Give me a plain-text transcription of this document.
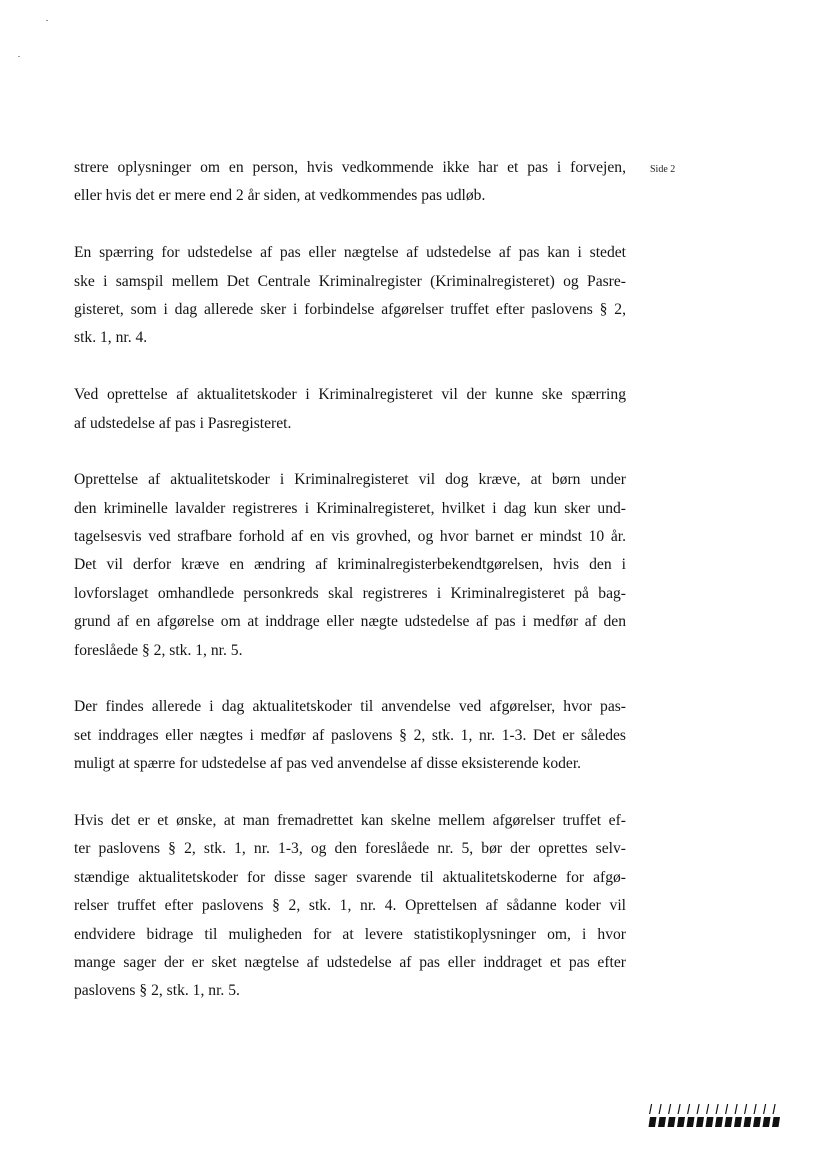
Side 2
strere oplysninger om en person, hvis vedkommende ikke har et pas i forvejen,
eller hvis det er mere end 2 år siden, at vedkommendes pas udløb.
En spærring for udstedelse af pas eller nægtelse af udstedelse af pas kan i stedet
ske i samspil mellem Det Centrale Kriminalregister (Kriminalregisteret) og Pasre-
gisteret, som i dag allerede sker i forbindelse afgørelser truffet efter paslovens § 2,
stk. 1, nr. 4.
Ved oprettelse af aktualitetskoder i Kriminalregisteret vil der kunne ske spærring
af udstedelse af pas i Pasregisteret.
Oprettelse af aktualitetskoder i Kriminalregisteret vil dog kræve, at børn under
den kriminelle lavalder registreres i Kriminalregisteret, hvilket i dag kun sker und-
tagelsesvis ved strafbare forhold af en vis grovhed, og hvor barnet er mindst 10 år.
Det vil derfor kræve en ændring af kriminalregisterbekendtgørelsen, hvis den i
lovforslaget omhandlede personkreds skal registreres i Kriminalregisteret på bag-
grund af en afgørelse om at inddrage eller nægte udstedelse af pas i medfør af den
foreslåede § 2, stk. 1, nr. 5.
Der findes allerede i dag aktualitetskoder til anvendelse ved afgørelser, hvor pas-
set inddrages eller nægtes i medfør af paslovens § 2, stk. 1, nr. 1-3. Det er således
muligt at spærre for udstedelse af pas ved anvendelse af disse eksisterende koder.
Hvis det er et ønske, at man fremadrettet kan skelne mellem afgørelser truffet ef-
ter paslovens § 2, stk. 1, nr. 1-3, og den foreslåede nr. 5, bør der oprettes selv-
stændige aktualitetskoder for disse sager svarende til aktualitetskoderne for afgø-
relser truffet efter paslovens § 2, stk. 1, nr. 4. Oprettelsen af sådanne koder vil
endvidere bidrage til muligheden for at levere statistikoplysninger om, i hvor
mange sager der er sket nægtelse af udstedelse af pas eller inddraget et pas efter
paslovens § 2, stk. 1, nr. 5.
